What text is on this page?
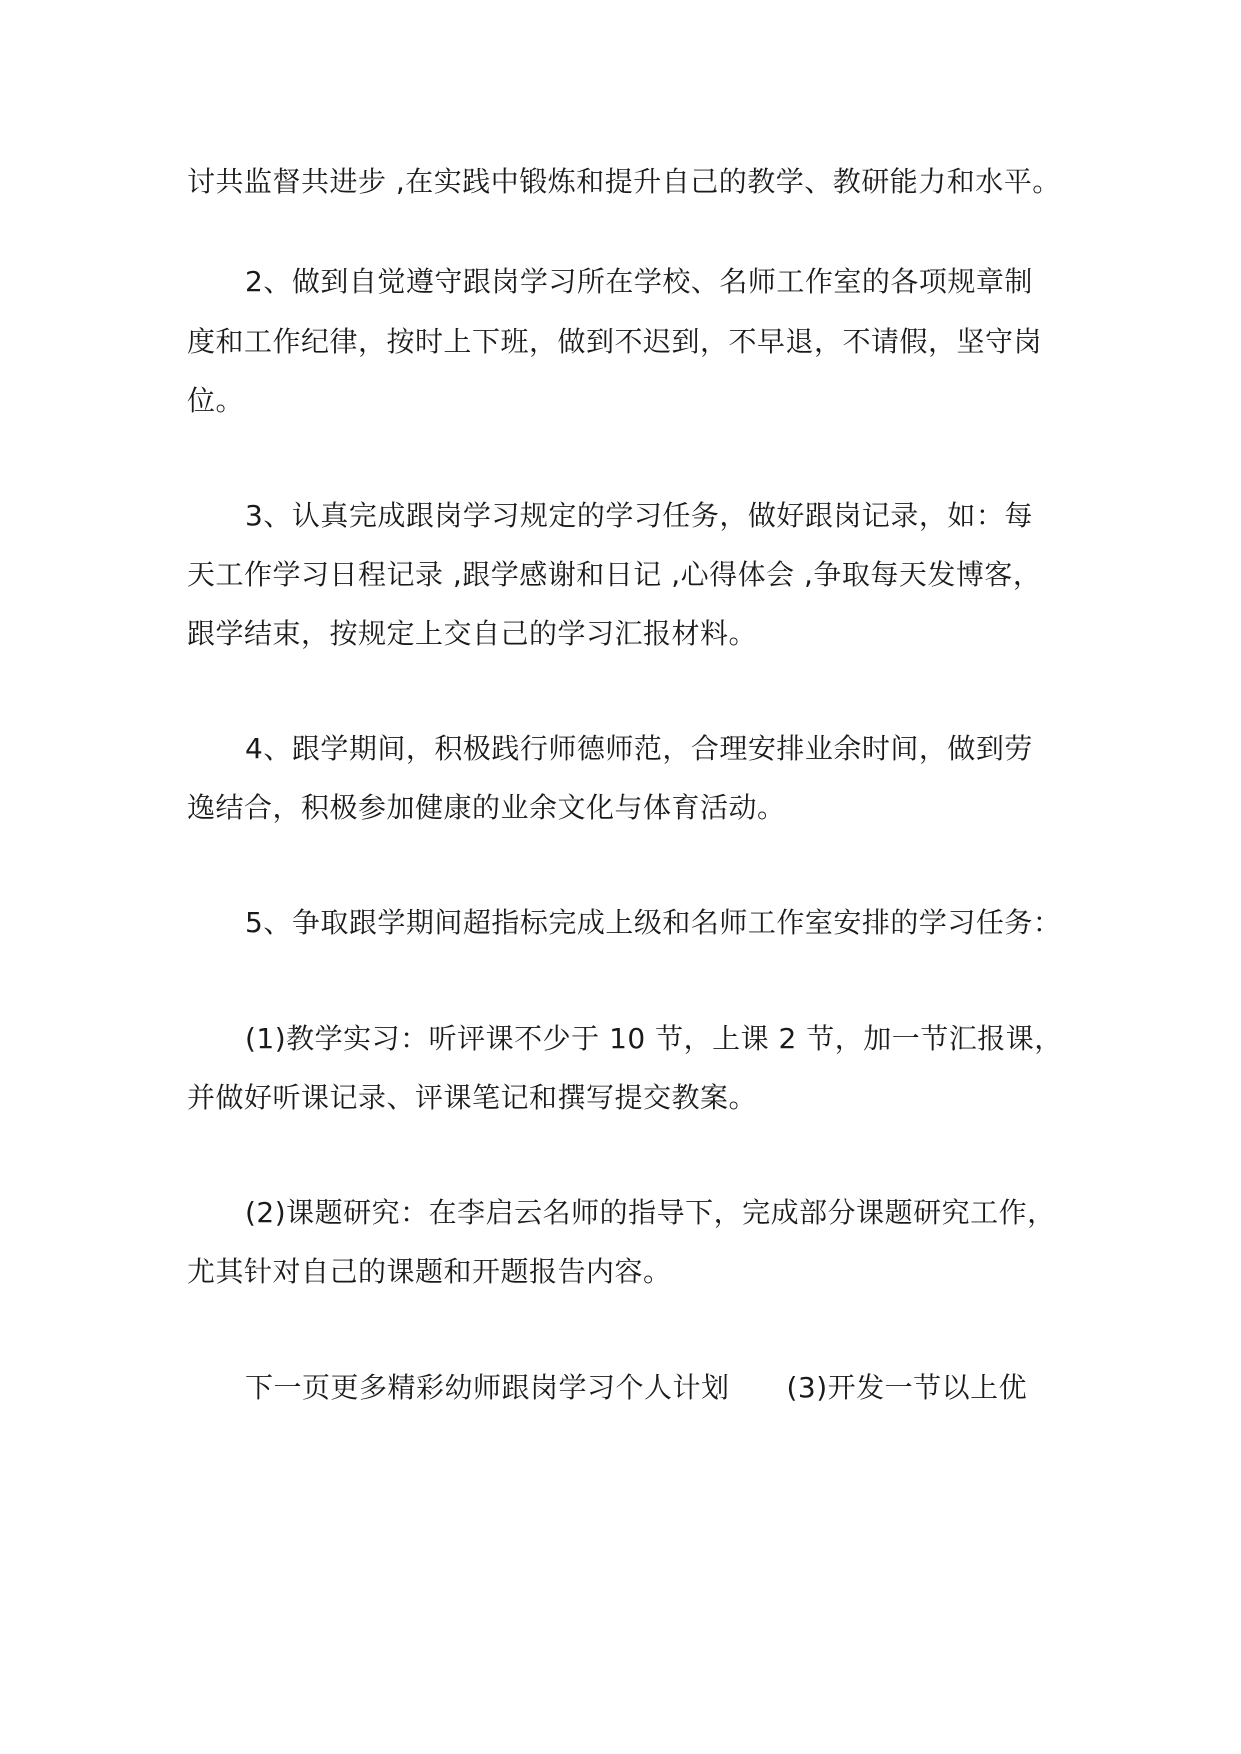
讨共监督共进步 ,在实践中锻炼和提升自己的教学、教研能力和水平。
2、做到自觉遵守跟岗学习所在学校、名师工作室的各项规章制
度和工作纪律，按时上下班，做到不迟到，不早退，不请假，坚守岗
位。
3、认真完成跟岗学习规定的学习任务，做好跟岗记录，如：每
天工作学习日程记录 ,跟学感谢和日记 ,心得体会 ,争取每天发博客，
跟学结束，按规定上交自己的学习汇报材料。
4、跟学期间，积极践行师德师范，合理安排业余时间，做到劳
逸结合，积极参加健康的业余文化与体育活动。
5、争取跟学期间超指标完成上级和名师工作室安排的学习任务：
(1)教学实习：听评课不少于 10 节，上课 2 节，加一节汇报课，
并做好听课记录、评课笔记和撰写提交教案。
(2)课题研究：在李启云名师的指导下，完成部分课题研究工作，
尤其针对自己的课题和开题报告内容。
下一页更多精彩幼师跟岗学习个人计划　　(3)开发一节以上优
